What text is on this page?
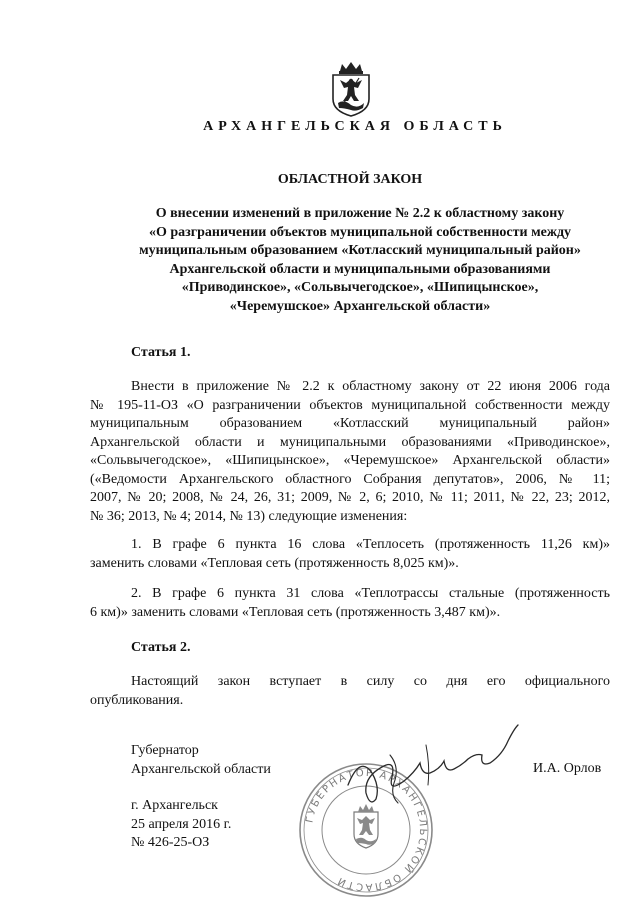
АРХАНГЕЛЬСКАЯ ОБЛАСТЬ
ОБЛАСТНОЙ ЗАКОН
О внесении изменений в приложение № 2.2 к областному закону
«О разграничении объектов муниципальной собственности между
муниципальным образованием «Котласский муниципальный район»
Архангельской области и муниципальными образованиями
«Приводинское», «Сольвычегодское», «Шипицынское»,
«Черемушское» Архангельской области»
Статья 1.
Внести в приложение № 2.2 к областному закону от 22 июня 2006 года
№ 195-11-ОЗ «О разграничении объектов муниципальной собственности между
муниципальным образованием «Котласский муниципальный район»
Архангельской области и муниципальными образованиями «Приводинское»,
«Сольвычегодское», «Шипицынское», «Черемушское» Архангельской области»
(«Ведомости Архангельского областного Собрания депутатов», 2006, № 11;
2007, № 20; 2008, № 24, 26, 31; 2009, № 2, 6; 2010, № 11; 2011, № 22, 23; 2012,
№ 36; 2013, № 4; 2014, № 13) следующие изменения:
1. В графе 6 пункта 16 слова «Теплосеть (протяженность 11,26 км)»
заменить словами «Тепловая сеть (протяженность 8,025 км)».
2. В графе 6 пункта 31 слова «Теплотрассы стальные (протяженность
6 км)» заменить словами «Тепловая сеть (протяженность 3,487 км)».
Статья 2.
Настоящий закон вступает в силу со дня его официального
опубликования.
ГУБЕРНАТОР АРХАНГЕЛЬСКОЙ ОБЛАСТИ
Губернатор
Архангельской области	И.А. Орлов
г. Архангельск
25 апреля 2016 г.
№ 426-25-ОЗ
